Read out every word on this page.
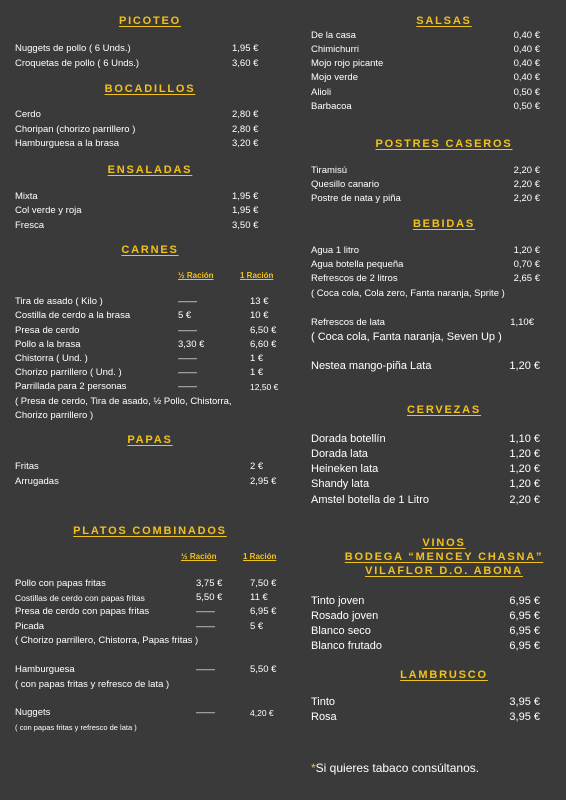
PICOTEO
Nuggets de pollo ( 6 Unds.)	1,95 €
Croquetas de pollo ( 6 Unds.)	3,60 €
BOCADILLOS
Cerdo	2,80 €
Choripan (chorizo parrillero )	2,80 €
Hamburguesa a la brasa	3,20 €
ENSALADAS
Mixta	1,95 €
Col verde y roja	1,95 €
Fresca	3,50 €
CARNES
½ Ración	1 Ración
Tira de asado ( Kilo )	——	13 €
Costilla de cerdo a la brasa	5 €	10 €
Presa de cerdo	——	6,50 €
Pollo a la brasa	3,30 €	6,60 €
Chistorra ( Und. )	——	1 €
Chorizo parrillero ( Und. )	——	1 €
Parrillada para 2 personas	——	12,50 €
( Presa de cerdo, Tira de asado, ½ Pollo, Chistorra,
Chorizo parrillero )
PAPAS
Fritas	2 €
Arrugadas	2,95 €
PLATOS COMBINADOS
½ Ración	1 Ración
Pollo con papas fritas	3,75 €	7,50 €
Costillas de cerdo con papas fritas	5,50 €	11 €
Presa de cerdo con papas fritas	——	6,95 €
Picada	——	5 €
( Chorizo parrillero, Chistorra, Papas fritas )
Hamburguesa	——	5,50 €
( con papas fritas y refresco de lata )
Nuggets	——	4,20 €
( con papas fritas y refresco de lata )
SALSAS
De la casa	0,40 €
Chimichurri	0,40 €
Mojo rojo picante	0,40 €
Mojo verde	0,40 €
Alioli	0,50 €
Barbacoa	0,50 €
POSTRES CASEROS
Tiramisú	2,20 €
Quesillo canario	2,20 €
Postre de nata y piña	2,20 €
BEBIDAS
Agua 1 litro	1,20 €
Agua botella pequeña	0,70 €
Refrescos de 2 litros	2,65 €
( Coca cola, Cola zero, Fanta naranja, Sprite )
Refrescos de lata	1,10€
( Coca cola, Fanta naranja, Seven Up )
Nestea mango-piña Lata	1,20 €
CERVEZAS
Dorada botellín	1,10 €
Dorada lata	1,20 €
Heineken lata	1,20 €
Shandy lata	1,20 €
Amstel botella de 1 Litro	2,20 €
VINOS
BODEGA “MENCEY CHASNA”
VILAFLOR D.O. ABONA
Tinto joven	6,95 €
Rosado joven	6,95 €
Blanco seco	6,95 €
Blanco frutado	6,95 €
LAMBRUSCO
Tinto	3,95 €
Rosa	3,95 €
*Si quieres tabaco consúltanos.
